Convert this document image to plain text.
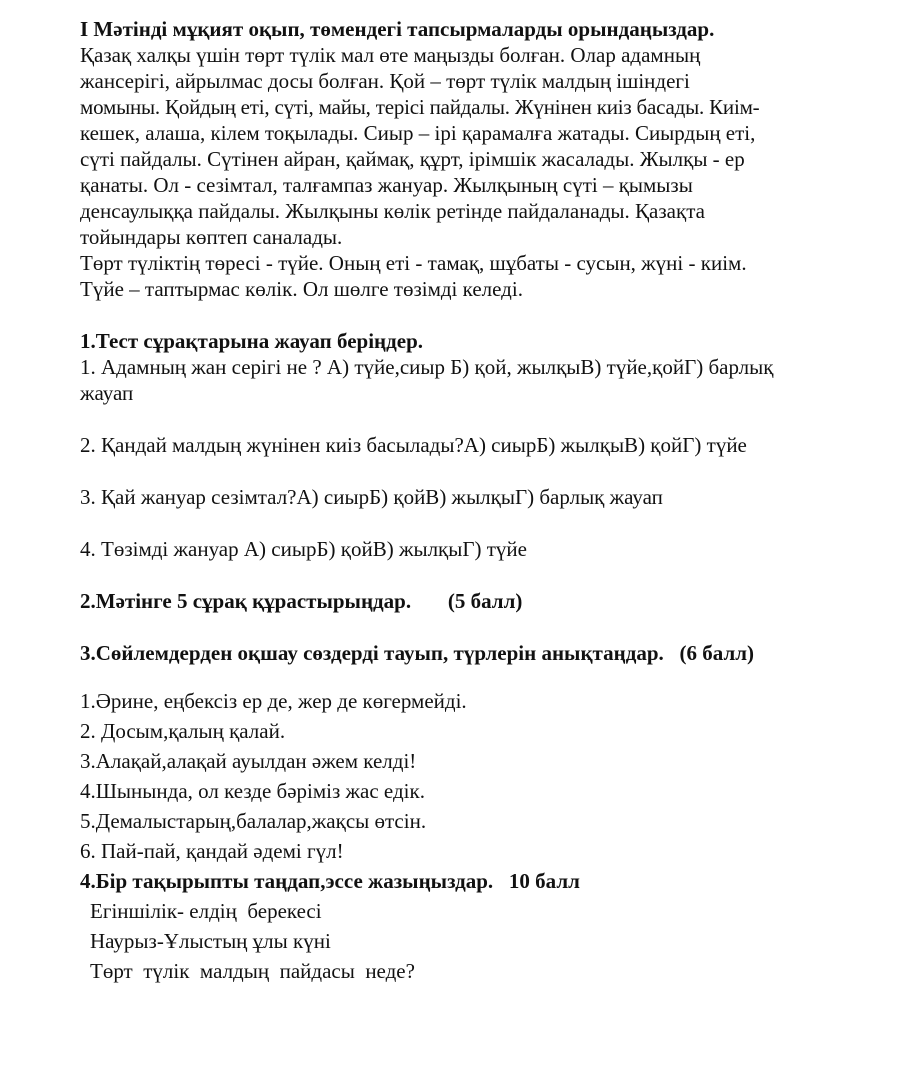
I Мәтінді мұқият оқып, төмендегі тапсырмаларды орындаңыздар.
Қазақ халқы үшін төрт түлік мал өте маңызды болған. Олар адамның
жансерігі, айрылмас досы болған. Қой – төрт түлік малдың ішіндегі
момыны. Қойдың еті, сүті, майы, терісі пайдалы. Жүнінен киіз басады. Киім-
кешек, алаша, кілем тоқылады. Сиыр – ірі қарамалға жатады. Сиырдың еті,
сүті пайдалы. Сүтінен айран, қаймақ, құрт, ірімшік жасалады. Жылқы - ер
қанаты. Ол - сезімтал, талғампаз жануар. Жылқының сүті – қымызы
денсаулыққа пайдалы. Жылқыны көлік ретінде пайдаланады. Қазақта
тойындары көптеп саналады.
Төрт түліктің төресі - түйе. Оның еті - тамақ, шұбаты - сусын, жүні - киім.
Түйе – таптырмас көлік. Ол шөлге төзімді келеді.
1.Тест сұрақтарына жауап беріңдер.
1. Адамның жан серігі не ? А) түйе,сиыр Б) қой, жылқыВ) түйе,қойГ) барлық
жауап
2. Қандай малдың жүнінен киіз басылады?А) сиырБ) жылқыВ) қойГ) түйе
3. Қай жануар сезімтал?А) сиырБ) қойВ) жылқыГ) барлық жауап
4. Төзімді жануар А) сиырБ) қойВ) жылқыГ) түйе
2.Мәтінге 5 сұрақ құрастырыңдар.       (5 балл)
3.Сөйлемдерден оқшау сөздерді тауып, түрлерін анықтаңдар.   (6 балл)
1.Әрине, еңбексіз ер де, жер де көгермейді.
2. Досым,қалың қалай.
3.Алақай,алақай ауылдан әжем келді!
4.Шынында, ол кезде бәріміз жас едік.
5.Демалыстарың,балалар,жақсы өтсін.
6. Пай-пай, қандай әдемі гүл!
4.Бір тақырыпты таңдап,эссе жазыңыздар.   10 балл
Егіншілік- елдің  берекесі
Наурыз-Ұлыстың ұлы күні
Төрт  түлік  малдың  пайдасы  неде?
